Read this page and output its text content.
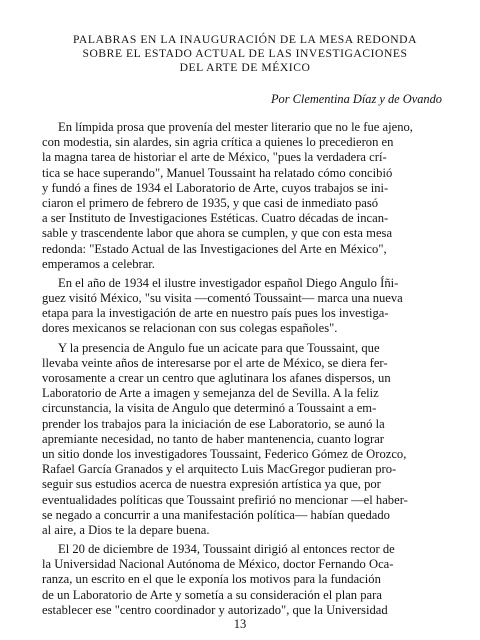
PALABRAS EN LA INAUGURACIÓN DE LA MESA REDONDA
SOBRE EL ESTADO ACTUAL DE LAS INVESTIGACIONES
DEL ARTE DE MÉXICO

Por Clementina Díaz y de Ovando

En límpida prosa que provenía del mester literario que no le fue ajeno,
con modestia, sin alardes, sin agria crítica a quienes lo precedieron en
la magna tarea de historiar el arte de México, "pues la verdadera crí-
tica se hace superando", Manuel Toussaint ha relatado cómo concibió
y fundó a fines de 1934 el Laboratorio de Arte, cuyos trabajos se ini-
ciaron el primero de febrero de 1935, y que casi de inmediato pasó
a ser Instituto de Investigaciones Estéticas. Cuatro décadas de incan-
sable y trascendente labor que ahora se cumplen, y que con esta mesa
redonda: "Estado Actual de las Investigaciones del Arte en México",
emperamos a celebrar.
En el año de 1934 el ilustre investigador español Diego Angulo Íñi-
guez visitó México, "su visita —comentó Toussaint— marca una nueva
etapa para la investigación de arte en nuestro país pues los investiga-
dores mexicanos se relacionan con sus colegas españoles".
Y la presencia de Angulo fue un acicate para que Toussaint, que
llevaba veinte años de interesarse por el arte de México, se diera fer-
vorosamente a crear un centro que aglutinara los afanes dispersos, un
Laboratorio de Arte a imagen y semejanza del de Sevilla. A la feliz
circunstancia, la visita de Angulo que determinó a Toussaint a em-
prender los trabajos para la iniciación de ese Laboratorio, se aunó la
apremiante necesidad, no tanto de haber mantenencia, cuanto lograr
un sitio donde los investigadores Toussaint, Federico Gómez de Orozco,
Rafael García Granados y el arquitecto Luis MacGregor pudieran pro-
seguir sus estudios acerca de nuestra expresión artística ya que, por
eventualidades políticas que Toussaint prefirió no mencionar —el haber-
se negado a concurrir a una manifestación política— habían quedado
al aire, a Dios te la depare buena.
El 20 de diciembre de 1934, Toussaint dirigió al entonces rector de
la Universidad Nacional Autónoma de México, doctor Fernando Oca-
ranza, un escrito en el que le exponía los motivos para la fundación
de un Laboratorio de Arte y sometía a su consideración el plan para
establecer ese "centro coordinador y autorizado", que la Universidad

13
